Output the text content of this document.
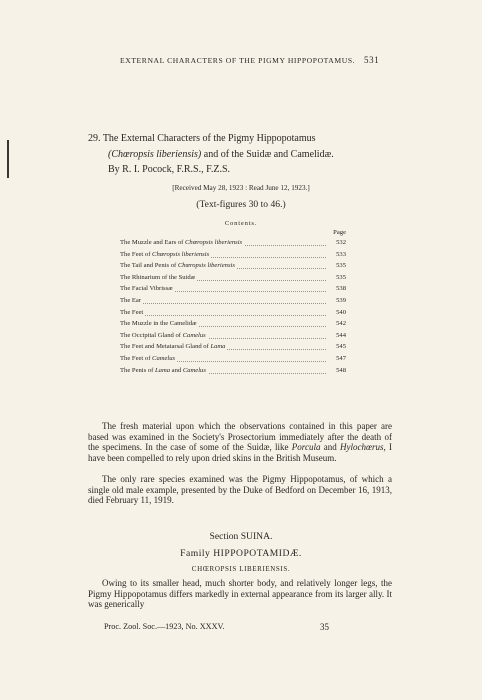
EXTERNAL CHARACTERS OF THE PIGMY HIPPOPOTAMUS. 531
29. The External Characters of the Pigmy Hippopotamus
(Chœropsis liberiensis) and of the Suidæ and Camelidæ.
By R. I. Pocock, F.R.S., F.Z.S.
[Received May 28, 1923 : Read June 12, 1923.]
(Text-figures 30 to 46.)
Contents.
Page
The Muzzle and Ears of Chœropsis liberiensis	532
The Feet of Chœropsis liberiensis	533
The Tail and Penis of Chœropsis liberiensis	535
The Rhinarium of the Suidæ	535
The Facial Vibrissæ	538
The Ear	539
The Feet	540
The Muzzle in the Camelidæ	542
The Occipital Gland of Camelus	544
The Feet and Metatarsal Gland of Lama	545
The Feet of Camelus	547
The Penis of Lama and Camelus	548
The fresh material upon which the observations contained in this paper are based was examined in the Society's Prosectorium immediately after the death of the specimens. In the case of some of the Suidæ, like Porcula and Hylochœrus, I have been compelled to rely upon dried skins in the British Museum.
The only rare species examined was the Pigmy Hippopotamus, of which a single old male example, presented by the Duke of Bedford on December 16, 1913, died February 11, 1919.
Section SUINA.
Family HIPPOPOTAMIDÆ.
CHŒROPSIS LIBERIENSIS.
Owing to its smaller head, much shorter body, and relatively longer legs, the Pigmy Hippopotamus differs markedly in external appearance from its larger ally. It was generically
Proc. Zool. Soc.—1923, No. XXXV.	35
